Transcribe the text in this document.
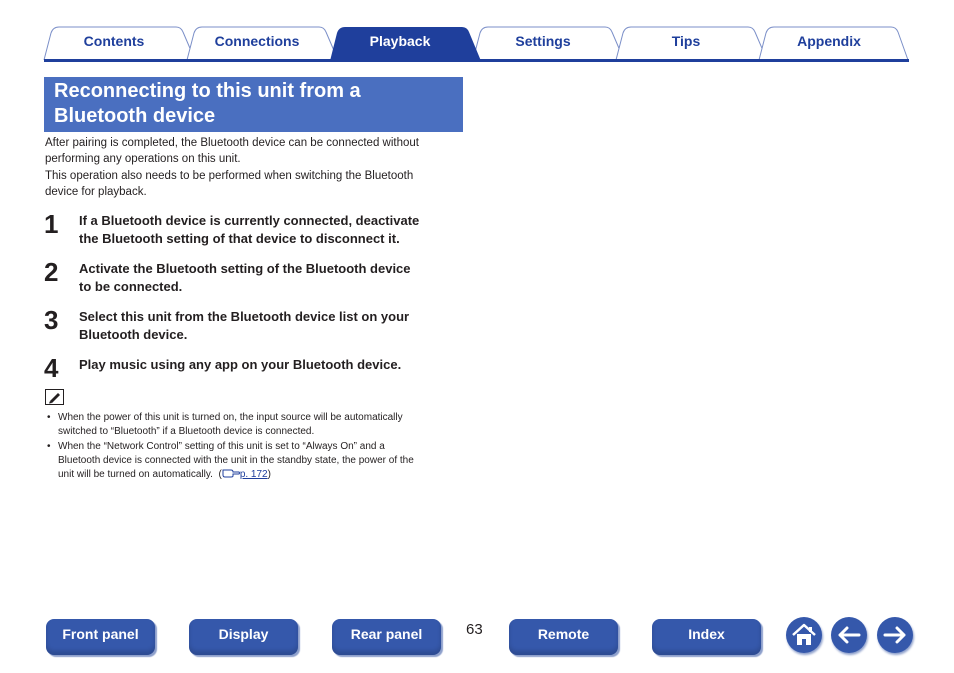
Contents	Connections	Playback	Settings	Tips	Appendix
Reconnecting to this unit from a
Bluetooth device
After pairing is completed, the Bluetooth device can be connected without
performing any operations on this unit.
This operation also needs to be performed when switching the Bluetooth
device for playback.
1 If a Bluetooth device is currently connected, deactivate
the Bluetooth setting of that device to disconnect it.
2 Activate the Bluetooth setting of the Bluetooth device
to be connected.
3 Select this unit from the Bluetooth device list on your
Bluetooth device.
4 Play music using any app on your Bluetooth device.
• When the power of this unit is turned on, the input source will be automatically
switched to “Bluetooth” if a Bluetooth device is connected.
• When the “Network Control” setting of this unit is set to “Always On” and a
Bluetooth device is connected with the unit in the standby state, the power of the
unit will be turned on automatically. ( p. 172)
Front panel	Display	Rear panel	63	Remote	Index
